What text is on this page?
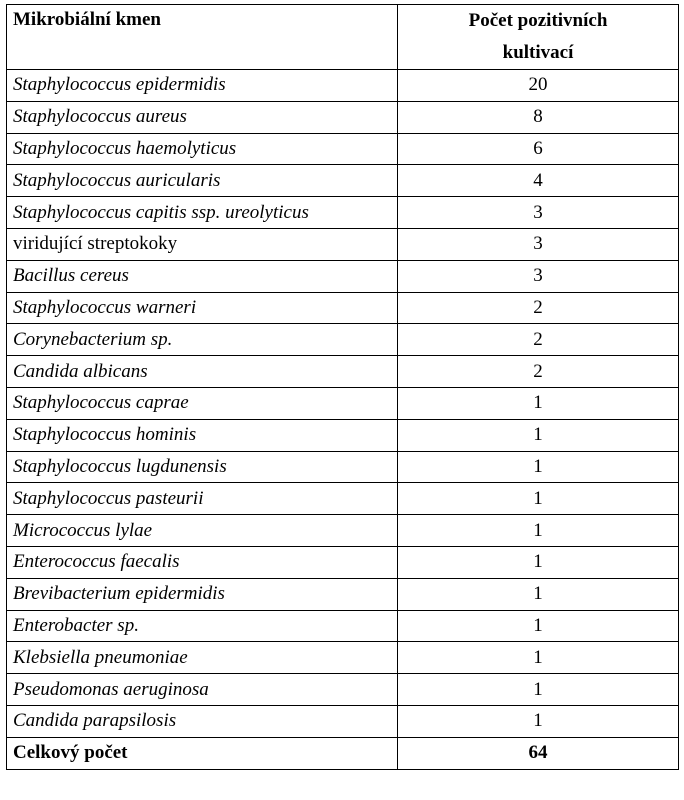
Mikrobiální kmen	Počet pozitivních
kultivací
Staphylococcus epidermidis	20
Staphylococcus aureus	8
Staphylococcus haemolyticus	6
Staphylococcus auricularis	4
Staphylococcus capitis ssp. ureolyticus	3
viridující streptokoky	3
Bacillus cereus	3
Staphylococcus warneri	2
Corynebacterium sp.	2
Candida albicans	2
Staphylococcus caprae	1
Staphylococcus hominis	1
Staphylococcus lugdunensis	1
Staphylococcus pasteurii	1
Micrococcus lylae	1
Enterococcus faecalis	1
Brevibacterium epidermidis	1
Enterobacter sp.	1
Klebsiella pneumoniae	1
Pseudomonas aeruginosa	1
Candida parapsilosis	1
Celkový počet	64
